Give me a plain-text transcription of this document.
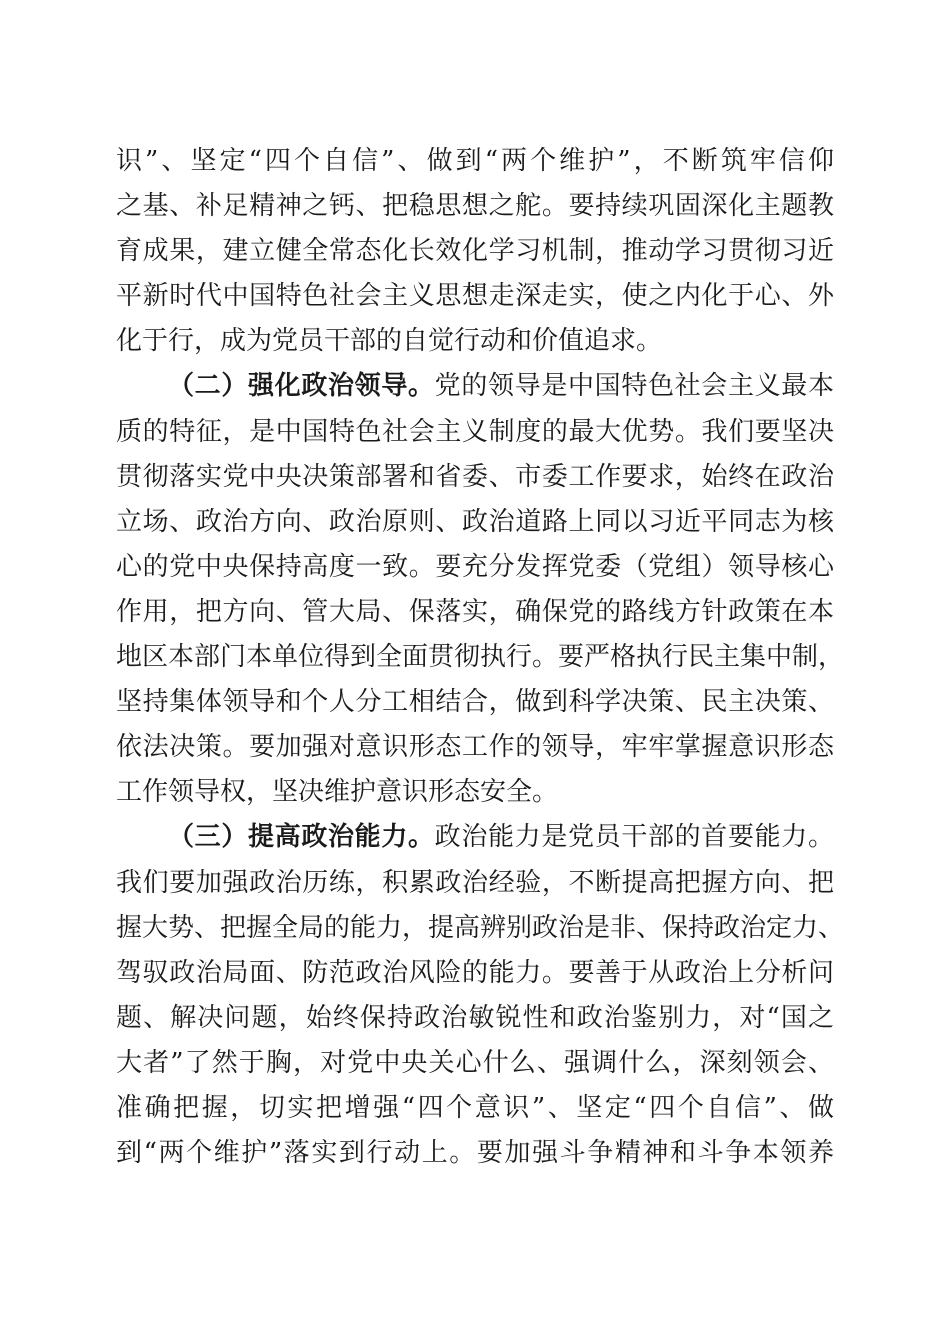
识”、坚定“四个自信”、做到“两个维护”，不断筑牢信仰
之基、补足精神之钙、把稳思想之舵。要持续巩固深化主题教
育成果，建立健全常态化长效化学习机制，推动学习贯彻习近
平新时代中国特色社会主义思想走深走实，使之内化于心、外
化于行，成为党员干部的自觉行动和价值追求。
（二）强化政治领导。党的领导是中国特色社会主义最本
质的特征，是中国特色社会主义制度的最大优势。我们要坚决
贯彻落实党中央决策部署和省委、市委工作要求，始终在政治
立场、政治方向、政治原则、政治道路上同以习近平同志为核
心的党中央保持高度一致。要充分发挥党委（党组）领导核心
作用，把方向、管大局、保落实，确保党的路线方针政策在本
地区本部门本单位得到全面贯彻执行。要严格执行民主集中制，
坚持集体领导和个人分工相结合，做到科学决策、民主决策、
依法决策。要加强对意识形态工作的领导，牢牢掌握意识形态
工作领导权，坚决维护意识形态安全。
（三）提高政治能力。政治能力是党员干部的首要能力。
我们要加强政治历练，积累政治经验，不断提高把握方向、把
握大势、把握全局的能力，提高辨别政治是非、保持政治定力、
驾驭政治局面、防范政治风险的能力。要善于从政治上分析问
题、解决问题，始终保持政治敏锐性和政治鉴别力，对“国之
大者”了然于胸，对党中央关心什么、强调什么，深刻领会、
准确把握，切实把增强“四个意识”、坚定“四个自信”、做
到“两个维护”落实到行动上。要加强斗争精神和斗争本领养
